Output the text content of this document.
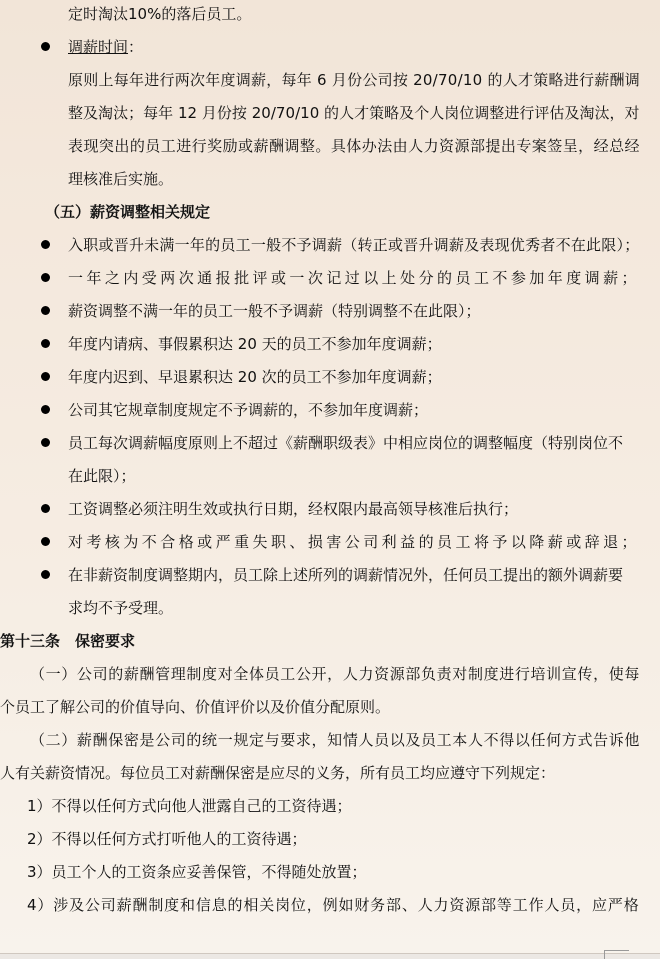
定时淘汰10%的落后员工。
调薪时间：
原则上每年进行两次年度调薪，每年 6 月份公司按 20/70/10 的人才策略进行薪酬调
整及淘汰；每年 12 月份按 20/70/10 的人才策略及个人岗位调整进行评估及淘汰，对
表现突出的员工进行奖励或薪酬调整。具体办法由人力资源部提出专案签呈，经总经
理核准后实施。
（五）薪资调整相关规定
入职或晋升未满一年的员工一般不予调薪（转正或晋升调薪及表现优秀者不在此限）；
一年之内受两次通报批评或一次记过以上处分的员工不参加年度调薪；
薪资调整不满一年的员工一般不予调薪（特别调整不在此限）；
年度内请病、事假累积达 20 天的员工不参加年度调薪；
年度内迟到、早退累积达 20 次的员工不参加年度调薪；
公司其它规章制度规定不予调薪的，不参加年度调薪；
员工每次调薪幅度原则上不超过《薪酬职级表》中相应岗位的调整幅度（特别岗位不
在此限）；
工资调整必须注明生效或执行日期，经权限内最高领导核准后执行；
对考核为不合格或严重失职、损害公司利益的员工将予以降薪或辞退；
在非薪资制度调整期内，员工除上述所列的调薪情况外，任何员工提出的额外调薪要
求均不予受理。
第十三条　保密要求
（一）公司的薪酬管理制度对全体员工公开，人力资源部负责对制度进行培训宣传，使每
个员工了解公司的价值导向、价值评价以及价值分配原则。
（二）薪酬保密是公司的统一规定与要求，知情人员以及员工本人不得以任何方式告诉他
人有关薪资情况。每位员工对薪酬保密是应尽的义务，所有员工均应遵守下列规定：
1）不得以任何方式向他人泄露自己的工资待遇；
2）不得以任何方式打听他人的工资待遇；
3）员工个人的工资条应妥善保管，不得随处放置；
4）涉及公司薪酬制度和信息的相关岗位，例如财务部、人力资源部等工作人员，应严格
